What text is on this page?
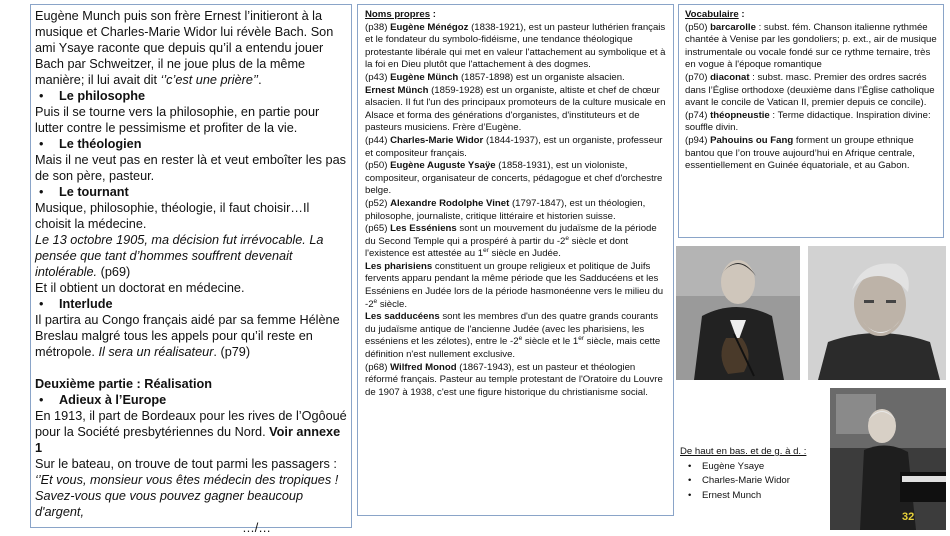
Eugène Munch puis son frère Ernest l’initieront à la musique et Charles-Marie Widor lui révèle Bach. Son ami Ysaye raconte que depuis qu’il a entendu jouer Bach par Schweitzer, il ne joue plus de la même manière; il lui avait dit ‘’c’est une prière’’.

• Le philosophe

Puis il se tourne vers la philosophie, en partie pour lutter contre le pessimisme et profiter de la vie.

• Le théologien

Mais il ne veut pas en rester là et veut emboîter les pas de son père, pasteur.

• Le tournant

Musique, philosophie, théologie, il faut choisir…Il choisit la médecine.

Le 13 octobre 1905, ma décision fut irrévocable. La pensée que tant d’hommes souffrent devenait intolérable. (p69)

Et il obtient un doctorat en médecine.

• Interlude

Il partira au Congo français aidé par sa femme Hélène Breslau malgré tous les appels pour qu’il reste en métropole. Il sera un réalisateur. (p79)

Deuxième partie : Réalisation

• Adieux à l’Europe

En 1913, il part de Bordeaux pour les rives de l’Ogôoué pour la Société presbytériennes du Nord. Voir annexe 1

Sur le bateau, on trouve de tout parmi les passagers :

‘’Et vous, monsieur vous êtes médecin des tropiques ! Savez-vous que vous pouvez gagner beaucoup d'argent,

…/…

Noms propres :

(p38) Eugène Ménégoz (1838-1921), est un pasteur luthérien français et le fondateur du symbolo-fidéisme, une tendance théologique protestante libérale qui met en valeur l'attachement au symbolique et à la foi en Dieu plutôt que l'attachement à des dogmes.

(p43) Eugène Münch (1857-1898) est un organiste alsacien.

Ernest Münch (1859-1928) est un organiste, altiste et chef de chœur alsacien. Il fut l'un des principaux promoteurs de la culture musicale en Alsace et forma des générations d'organistes, d'instituteurs et de pasteurs musiciens. Frère d’Eugène.

(p44) Charles-Marie Widor (1844-1937), est un organiste, professeur et compositeur français.

(p50) Eugène Auguste Ysaÿe (1858-1931), est un violoniste, compositeur, organisateur de concerts, pédagogue et chef d'orchestre belge.

(p52) Alexandre Rodolphe Vinet (1797-1847), est un théologien, philosophe, journaliste, critique littéraire et historien suisse.

(p65) Les Esséniens sont un mouvement du judaïsme de la période du Second Temple qui a prospéré à partir du -2e siècle et dont l'existence est attestée au 1er siècle en Judée.

Les pharisiens constituent un groupe religieux et politique de Juifs fervents apparu pendant la même période que les Sadducéens et les Esséniens en Judée lors de la période hasmonéenne vers le milieu du -2e siècle.

Les sadducéens sont les membres d'un des quatre grands courants du judaïsme antique de l'ancienne Judée (avec les pharisiens, les esséniens et les zélotes), entre le -2e siècle et le 1er siècle, mais cette définition n'est nullement exclusive.

(p68) Wilfred Monod (1867-1943), est un pasteur et théologien réformé français. Pasteur au temple protestant de l'Oratoire du Louvre de 1907 à 1938, c'est une figure historique du christianisme social.

Vocabulaire :

(p50) barcarolle : subst. fém. Chanson italienne rythmée chantée à Venise par les gondoliers; p. ext., air de musique instrumentale ou vocale fondé sur ce rythme ternaire, très en vogue à l'époque romantique

(p70) diaconat : subst. masc. Premier des ordres sacrés dans l’Église orthodoxe (deuxième dans l’Église catholique avant le concile de Vatican II, premier depuis ce concile).

(p74) théopneustie : Terme didactique. Inspiration divine: souffle divin.

(p94) Pahouins ou Fang forment un groupe ethnique bantou que l’on trouve aujourd’hui en Afrique centrale, essentiellement en Guinée équatoriale, et au Gabon.

De haut en bas. et de g. à d. :
• Eugène Ysaye
• Charles-Marie Widor
• Ernest Munch
32
